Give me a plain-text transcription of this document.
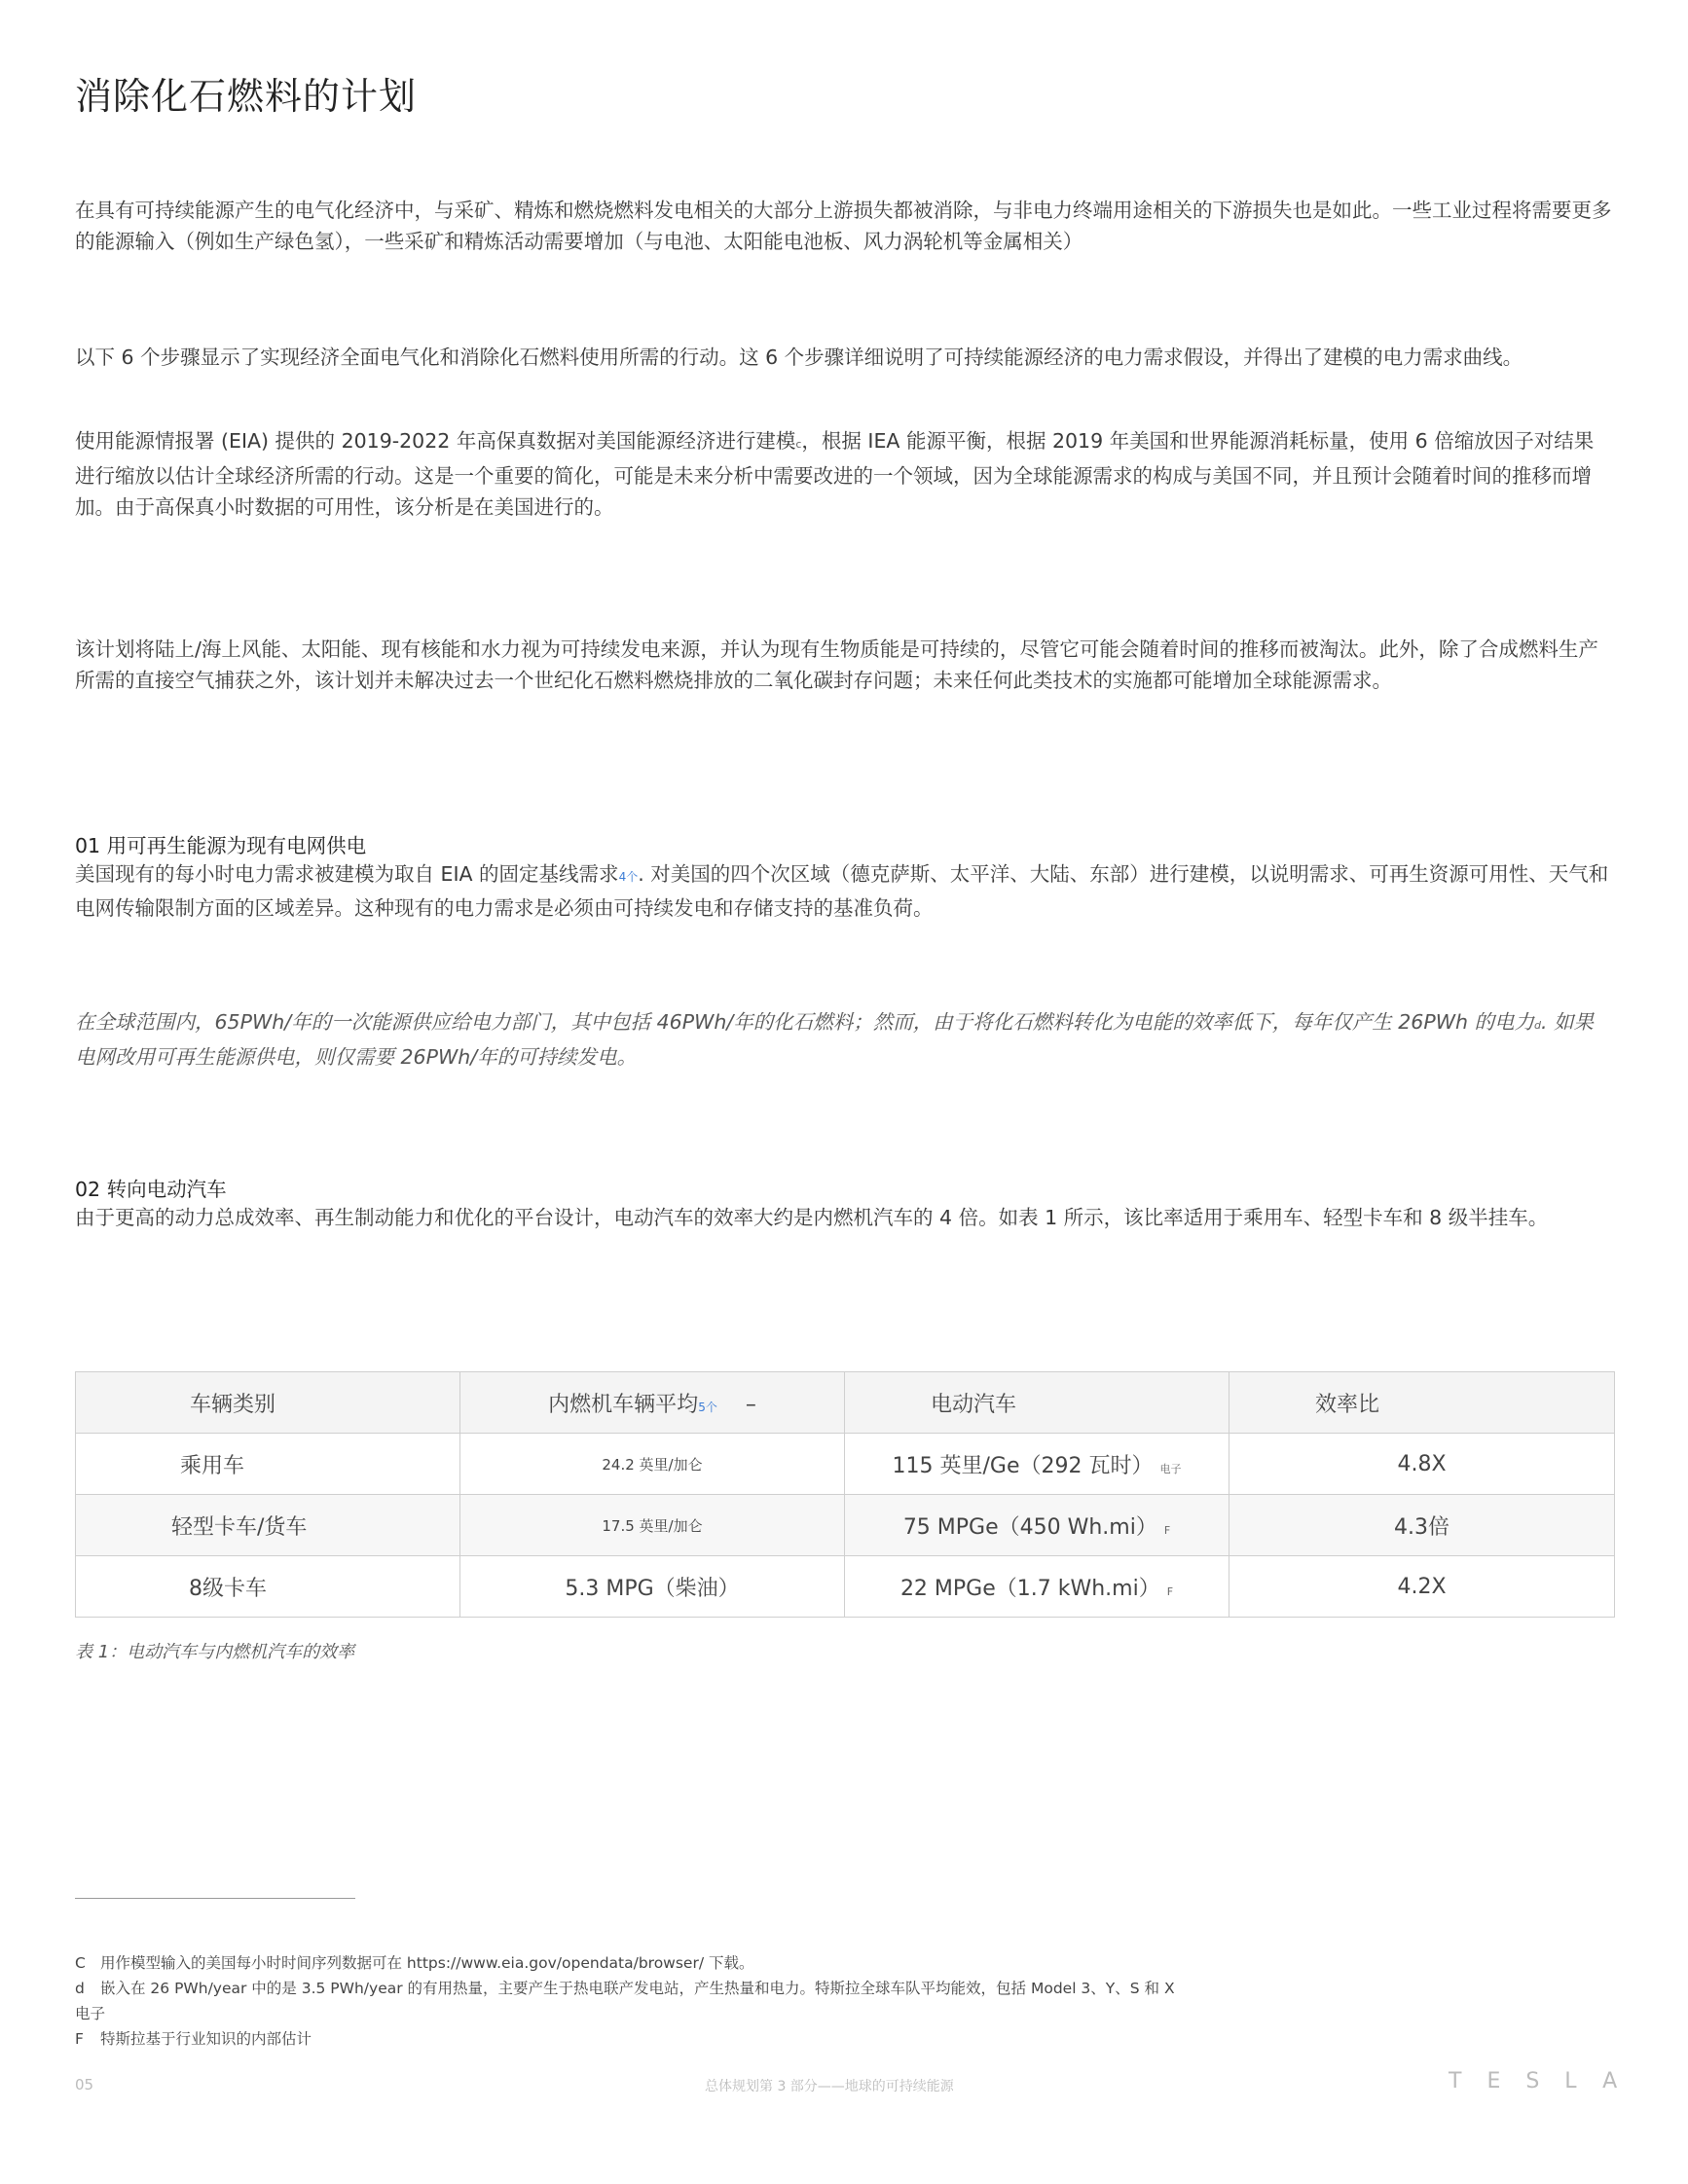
消除化石燃料的计划
在具有可持续能源产生的电气化经济中，与采矿、精炼和燃烧燃料发电相关的大部分上游损失都被消除，与非电力终端用途相关的下游损失也是如此。一些工业过程将需要更多的能源输入（例如生产绿色氢），一些采矿和精炼活动需要增加（与电池、太阳能电池板、风力涡轮机等金属相关）
以下 6 个步骤显示了实现经济全面电气化和消除化石燃料使用所需的行动。这 6 个步骤详细说明了可持续能源经济的电力需求假设，并得出了建模的电力需求曲线。
使用能源情报署 (EIA) 提供的 2019-2022 年高保真数据对美国能源经济进行建模c，根据 IEA 能源平衡，根据 2019 年美国和世界能源消耗标量，使用 6 倍缩放因子对结果进行缩放以估计全球经济所需的行动。这是一个重要的简化，可能是未来分析中需要改进的一个领域，因为全球能源需求的构成与美国不同，并且预计会随着时间的推移而增加。由于高保真小时数据的可用性，该分析是在美国进行的。
该计划将陆上/海上风能、太阳能、现有核能和水力视为可持续发电来源，并认为现有生物质能是可持续的，尽管它可能会随着时间的推移而被淘汰。此外，除了合成燃料生产所需的直接空气捕获之外，该计划并未解决过去一个世纪化石燃料燃烧排放的二氧化碳封存问题；未来任何此类技术的实施都可能增加全球能源需求。
01 用可再生能源为现有电网供电
美国现有的每小时电力需求被建模为取自 EIA 的固定基线需求4个. 对美国的四个次区域（德克萨斯、太平洋、大陆、东部）进行建模，以说明需求、可再生资源可用性、天气和电网传输限制方面的区域差异。这种现有的电力需求是必须由可持续发电和存储支持的基准负荷。
在全球范围内，65PWh/年的一次能源供应给电力部门，其中包括 46PWh/年的化石燃料；然而，由于将化石燃料转化为电能的效率低下，每年仅产生 26PWh 的电力d. 如果电网改用可再生能源供电，则仅需要 26PWh/年的可持续发电。
02 转向电动汽车
由于更高的动力总成效率、再生制动能力和优化的平台设计，电动汽车的效率大约是内燃机汽车的 4 倍。如表 1 所示，该比率适用于乘用车、轻型卡车和 8 级半挂车。
车辆类别	内燃机车辆平均5个 –	电动汽车	效率比
乘用车	24.2 英里/加仑	115 英里/Ge（292 瓦时） 电子	4.8X
轻型卡车/货车	17.5 英里/加仑	75 MPGe（450 Wh.mi） F	4.3倍
8级卡车	5.3 MPG（柴油）	22 MPGe（1.7 kWh.mi） F	4.2X
表 1：电动汽车与内燃机汽车的效率
C 用作模型输入的美国每小时时间序列数据可在 https://www.eia.gov/opendata/browser/ 下载。
d 嵌入在 26 PWh/year 中的是 3.5 PWh/year 的有用热量，主要产生于热电联产发电站，产生热量和电力。特斯拉全球车队平均能效，包括 Model 3、Y、S 和 X
电子
F 特斯拉基于行业知识的内部估计
05	总体规划第 3 部分——地球的可持续能源	TESLA
